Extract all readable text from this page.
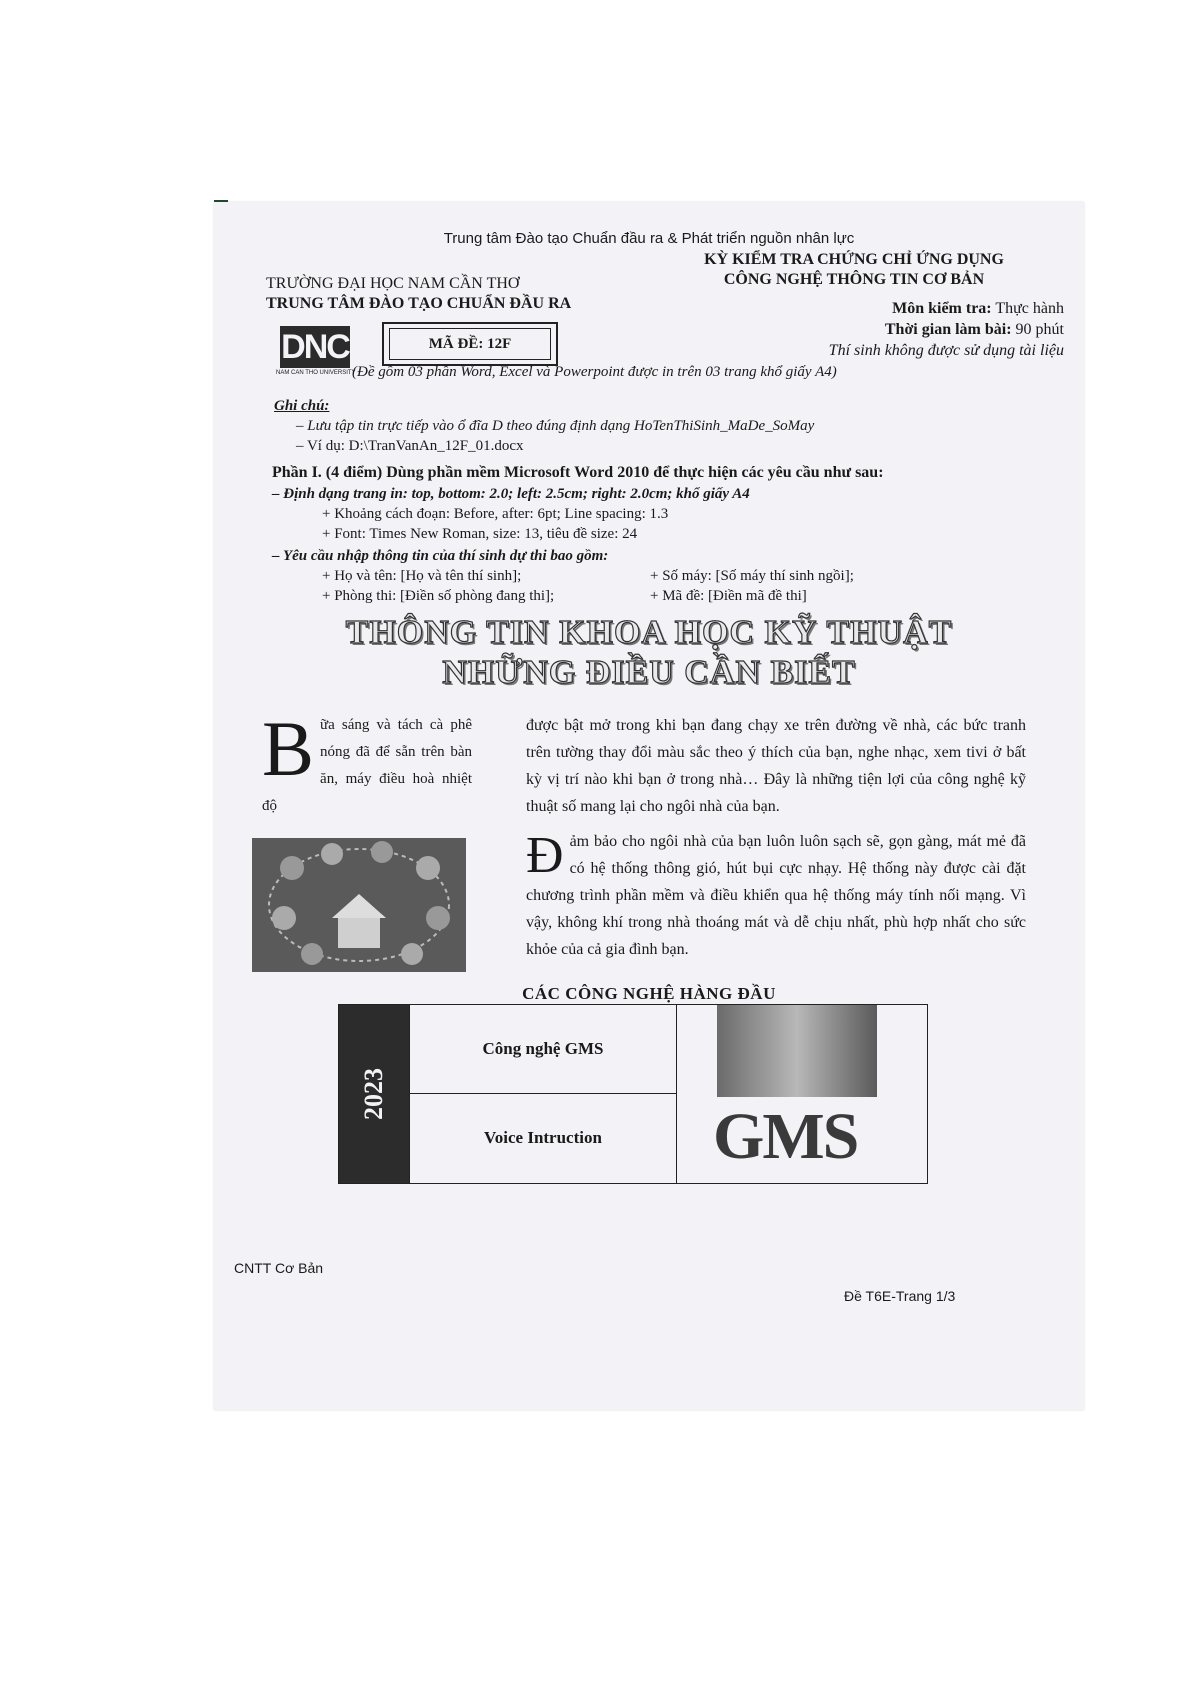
Trung tâm Đào tạo Chuẩn đầu ra & Phát triển nguồn nhân lực
TRƯỜNG ĐẠI HỌC NAM CẦN THƠ
TRUNG TÂM ĐÀO TẠO CHUẨN ĐẦU RA
KỲ KIỂM TRA CHỨNG CHỈ ỨNG DỤNG
CÔNG NGHỆ THÔNG TIN CƠ BẢN
Môn kiểm tra: Thực hành
Thời gian làm bài: 90 phút
Thí sinh không được sử dụng tài liệu
DNC
NAM CAN THO UNIVERSITY
MÃ ĐỀ: 12F
(Đề gồm 03 phần Word, Excel và Powerpoint được in trên 03 trang khổ giấy A4)
Ghi chú:
– Lưu tập tin trực tiếp vào ổ đĩa D theo đúng định dạng HoTenThiSinh_MaDe_SoMay
– Ví dụ: D:\TranVanAn_12F_01.docx
Phần I. (4 điểm) Dùng phần mềm Microsoft Word 2010 để thực hiện các yêu cầu như sau:
– Định dạng trang in: top, bottom: 2.0; left: 2.5cm; right: 2.0cm; khổ giấy A4
+ Khoảng cách đoạn: Before, after: 6pt; Line spacing: 1.3
+ Font: Times New Roman, size: 13, tiêu đề size: 24
– Yêu cầu nhập thông tin của thí sinh dự thi bao gồm:
+ Họ và tên: [Họ và tên thí sinh];
+ Phòng thi: [Điền số phòng đang thi];
+ Số máy: [Số máy thí sinh ngồi];
+ Mã đề: [Điền mã đề thi]
THÔNG TIN KHOA HỌC KỸ THUẬT
NHỮNG ĐIỀU CẦN BIẾT
Bữa sáng và tách cà phê nóng đã để sẵn trên bàn ăn, máy điều hoà nhiệt độ
được bật mở trong khi bạn đang chạy xe trên đường về nhà, các bức tranh trên tường thay đổi màu sắc theo ý thích của bạn, nghe nhạc, xem tivi ở bất kỳ vị trí nào khi bạn ở trong nhà… Đây là những tiện lợi của công nghệ kỹ thuật số mang lại cho ngôi nhà của bạn.
Đảm bảo cho ngôi nhà của bạn luôn luôn sạch sẽ, gọn gàng, mát mẻ đã có hệ thống thông gió, hút bụi cực nhạy. Hệ thống này được cài đặt chương trình phần mềm và điều khiển qua hệ thống máy tính nối mạng. Vì vậy, không khí trong nhà thoáng mát và dễ chịu nhất, phù hợp nhất cho sức khỏe của cả gia đình bạn.
CÁC CÔNG NGHỆ HÀNG ĐẦU
2023
Công nghệ GMS
Voice Intruction	GMS
CNTT Cơ Bản
Đề T6E-Trang 1/3
